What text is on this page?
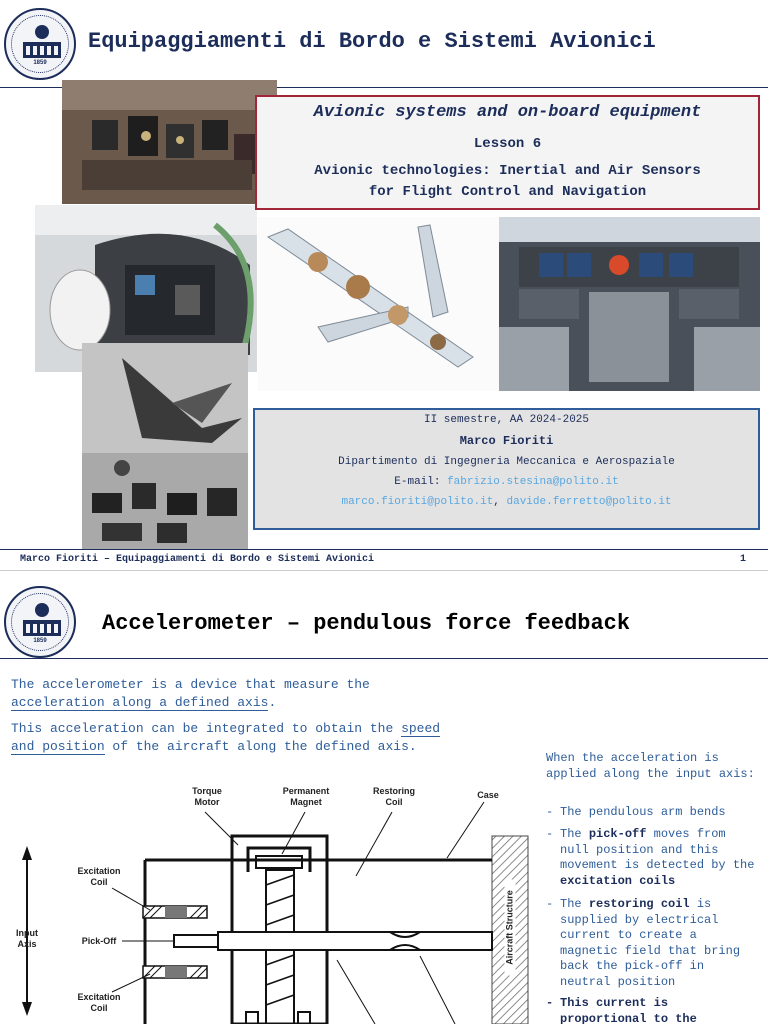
1859
Equipaggiamenti di Bordo e Sistemi Avionici
Avionic systems and on-board equipment
Lesson 6
Avionic technologies: Inertial and Air Sensors
for Flight Control and Navigation
II semestre, AA 2024-2025
Marco Fioriti
Dipartimento di Ingegneria Meccanica e Aerospaziale
E-mail: fabrizio.stesina@polito.it
marco.fioriti@polito.it, davide.ferretto@polito.it
Marco Fioriti – Equipaggiamenti di Bordo e Sistemi Avionici	1
1859
Accelerometer – pendulous force feedback
The accelerometer is a device that measure the
acceleration along a defined axis.
This acceleration can be integrated to obtain the speed
and position of the aircraft along the defined axis.
When the acceleration is applied along the input axis:
- The pendulous arm bends
- The pick-off moves from null position and this movement is detected by the excitation coils
- The restoring coil is supplied by electrical current to create a magnetic field that bring back the pick-off in neutral position
- This current is proportional to the
Torque
Motor
Permanent
Magnet
Restoring
Coil
Case
Excitation
Coil
Input
Axis	Pick-Off
Excitation
Coil
Aircraft Structure
